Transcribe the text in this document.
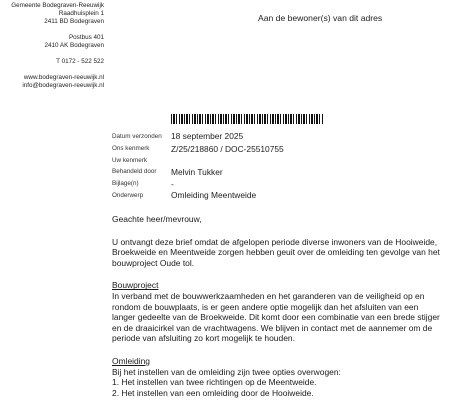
Gemeente Bodegraven-Reeuwijk
Raadhuisplein 1
2411 BD Bodegraven
Postbus 401
2410 AK Bodegraven
T 0172 - 522 522
www.bodegraven-reeuwijk.nl
info@bodegraven-reeuwijk.nl
Aan de bewoner(s) van dit adres
Datum verzonden	18 september 2025
Ons kenmerk	Z/25/218860 / DOC-25510755
Uw kenmerk	
Behandeld door	Melvin Tukker
Bijlage(n)	-
Onderwerp	Omleiding Meentweide

Geachte heer/mevrouw,

U ontvangt deze brief omdat de afgelopen periode diverse inwoners van de Hooiweide, Broekweide en Meentweide zorgen hebben geuit over de omleiding ten gevolge van het bouwproject Oude tol.

Bouwproject

In verband met de bouwwerkzaamheden en het garanderen van de veiligheid op en rondom de bouwplaats, is er geen andere optie mogelijk dan het afsluiten van een langer gedeelte van de Broekweide. Dit komt door een combinatie van een brede stijger en de draaicirkel van de vrachtwagens. We blijven in contact met de aannemer om de periode van afsluiting zo kort mogelijk te houden.

Omleiding

Bij het instellen van de omleiding zijn twee opties overwogen:

1. Het instellen van twee richtingen op de Meentweide.
2. Het instellen van een omleiding door de Hooiweide.
